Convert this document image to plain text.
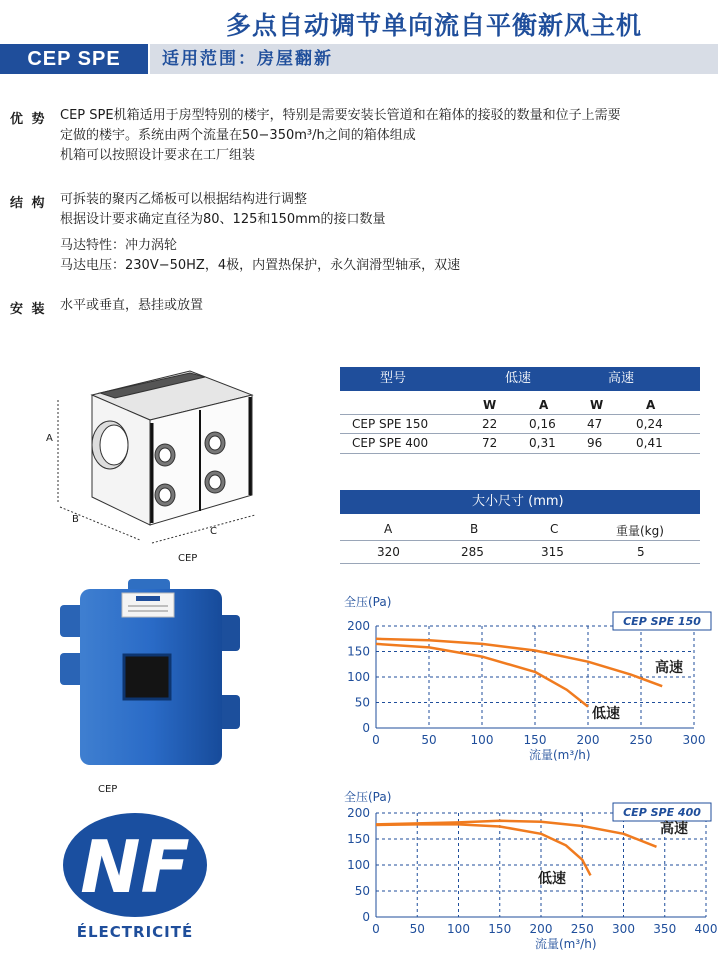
多点自动调节单向流自平衡新风主机
CEP SPE	适用范围：房屋翻新
优 势 CEP SPE机箱适用于房型特别的楼宇，特别是需要安装长管道和在箱体的接驳的数量和位子上需要
定做的楼宇。系统由两个流量在50−350m³/h之间的箱体组成
机箱可以按照设计要求在工厂组装
结 构 可拆装的聚丙乙烯板可以根据结构进行调整
根据设计要求确定直径为80、125和150mm的接口数量
马达特性：冲力涡轮
马达电压：230V−50HZ，4极，内置热保护，永久润滑型轴承，双速
安 装 水平或垂直，悬挂或放置
A
B
C
CEP
CEP
NF
ÉLECTRICITÉ
型号	低速	高速
W	A	W	A
CEP SPE 150	22	0,16	47	0,24
CEP SPE 400	72	0,31	96	0,41
大小尺寸 (mm)
A	B	C	重量(kg)
320	285	315	5
0
50
100
150
200
0	50	100	150	200	250	300
全压(Pa)
流量(m³/h)
CEP SPE 150
高速
低速
0
50
100
150
200
0 50 100 150 200 250 300 350 400
全压(Pa)
流量(m³/h)
CEP SPE 400
高速
低速
